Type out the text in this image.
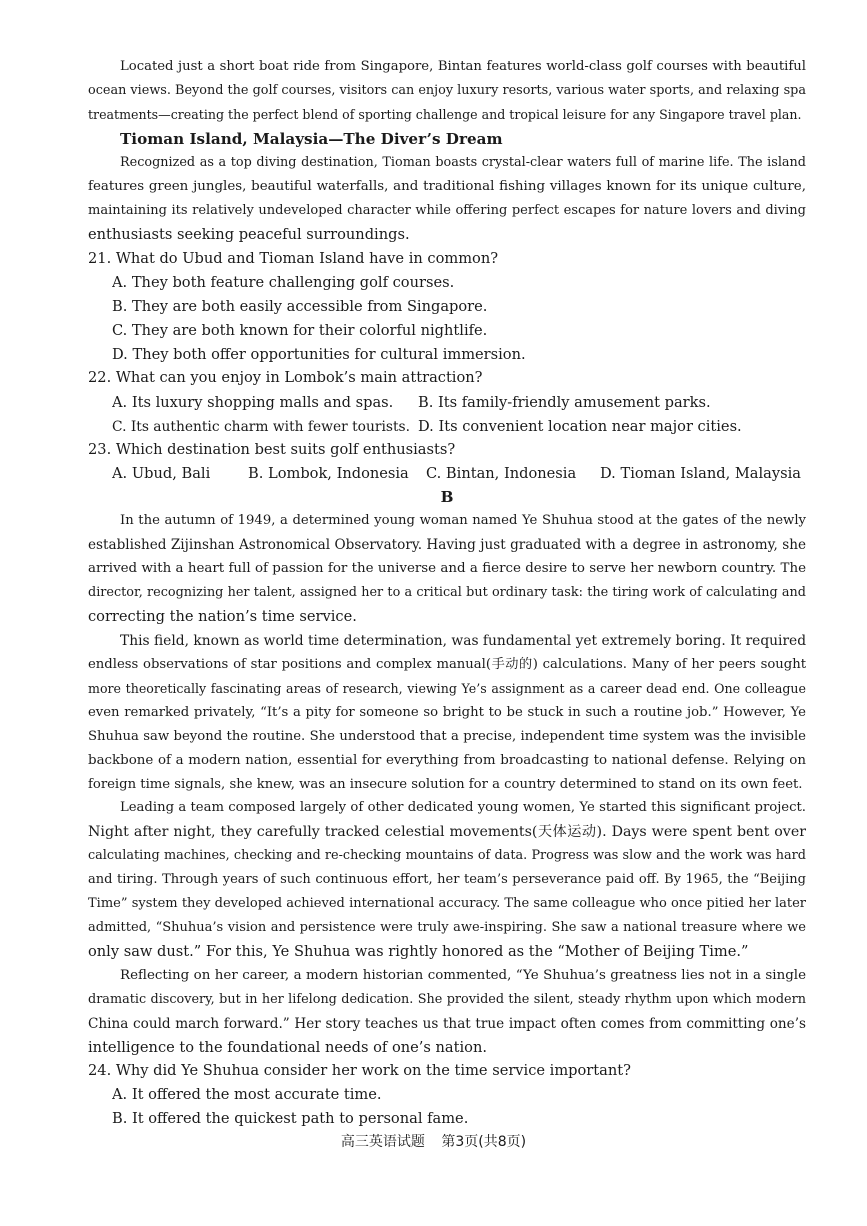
Located just a short boat ride from Singapore, Bintan features world-class golf courses with beautiful
ocean views. Beyond the golf courses, visitors can enjoy luxury resorts, various water sports, and relaxing spa
treatments—creating the perfect blend of sporting challenge and tropical leisure for any Singapore travel plan.
Tioman Island, Malaysia—The Diver’s Dream
Recognized as a top diving destination, Tioman boasts crystal-clear waters full of marine life. The island
features green jungles, beautiful waterfalls, and traditional fishing villages known for its unique culture,
maintaining its relatively undeveloped character while offering perfect escapes for nature lovers and diving
enthusiasts seeking peaceful surroundings.
21. What do Ubud and Tioman Island have in common?
A. They both feature challenging golf courses.
B. They are both easily accessible from Singapore.
C. They are both known for their colorful nightlife.
D. They both offer opportunities for cultural immersion.
22. What can you enjoy in Lombok’s main attraction?
A. Its luxury shopping malls and spas.	B. Its family-friendly amusement parks.
C. Its authentic charm with fewer tourists. D. Its convenient location near major cities.
23. Which destination best suits golf enthusiasts?
A. Ubud, Bali	B. Lombok, Indonesia	C. Bintan, Indonesia	D. Tioman Island, Malaysia
B
In the autumn of 1949, a determined young woman named Ye Shuhua stood at the gates of the newly
established Zijinshan Astronomical Observatory. Having just graduated with a degree in astronomy, she
arrived with a heart full of passion for the universe and a fierce desire to serve her newborn country. The
director, recognizing her talent, assigned her to a critical but ordinary task: the tiring work of calculating and
correcting the nation’s time service.
This field, known as world time determination, was fundamental yet extremely boring. It required
endless observations of star positions and complex manual(手动的) calculations. Many of her peers sought
more theoretically fascinating areas of research, viewing Ye’s assignment as a career dead end. One colleague
even remarked privately, “It’s a pity for someone so bright to be stuck in such a routine job.” However, Ye
Shuhua saw beyond the routine. She understood that a precise, independent time system was the invisible
backbone of a modern nation, essential for everything from broadcasting to national defense. Relying on
foreign time signals, she knew, was an insecure solution for a country determined to stand on its own feet.
Leading a team composed largely of other dedicated young women, Ye started this significant project.
Night after night, they carefully tracked celestial movements(天体运动). Days were spent bent over
calculating machines, checking and re-checking mountains of data. Progress was slow and the work was hard
and tiring. Through years of such continuous effort, her team’s perseverance paid off. By 1965, the “Beijing
Time” system they developed achieved international accuracy. The same colleague who once pitied her later
admitted, “Shuhua’s vision and persistence were truly awe-inspiring. She saw a national treasure where we
only saw dust.” For this, Ye Shuhua was rightly honored as the “Mother of Beijing Time.”
Reflecting on her career, a modern historian commented, “Ye Shuhua’s greatness lies not in a single
dramatic discovery, but in her lifelong dedication. She provided the silent, steady rhythm upon which modern
China could march forward.” Her story teaches us that true impact often comes from committing one’s
intelligence to the foundational needs of one’s nation.
24. Why did Ye Shuhua consider her work on the time service important?
A. It offered the most accurate time.
B. It offered the quickest path to personal fame.
高三英语试题 第3页(共8页)
